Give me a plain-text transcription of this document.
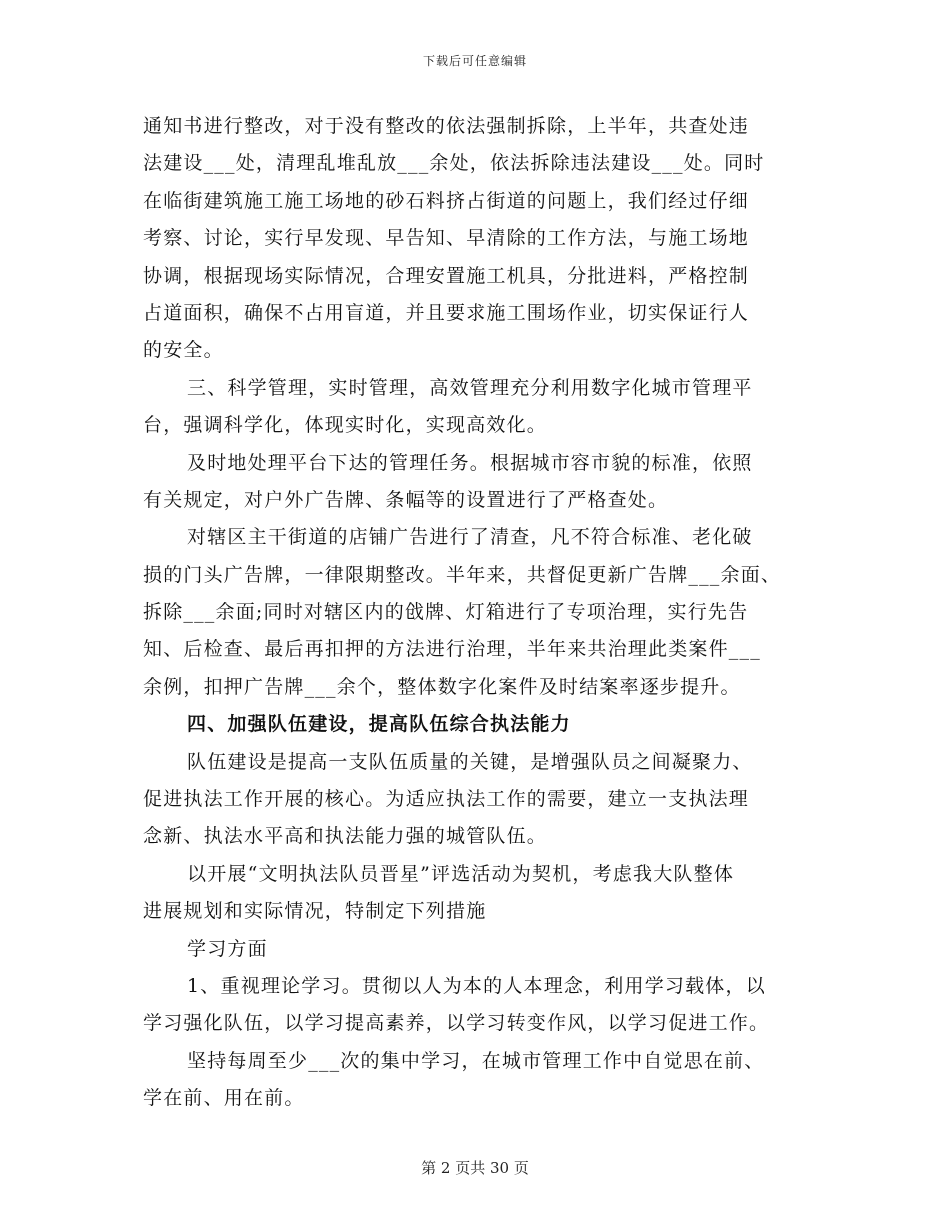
下载后可任意编辑
通知书进行整改，对于没有整改的依法强制拆除，上半年，共查处违
法建设___处，清理乱堆乱放___余处，依法拆除违法建设___处。同时
在临街建筑施工施工场地的砂石料挤占街道的问题上，我们经过仔细
考察、讨论，实行早发现、早告知、早清除的工作方法，与施工场地
协调，根据现场实际情况，合理安置施工机具，分批进料，严格控制
占道面积，确保不占用盲道，并且要求施工围场作业，切实保证行人
的安全。
三、科学管理，实时管理，高效管理充分利用数字化城市管理平
台，强调科学化，体现实时化，实现高效化。
及时地处理平台下达的管理任务。根据城市容市貌的标准，依照
有关规定，对户外广告牌、条幅等的设置进行了严格查处。
对辖区主干街道的店铺广告进行了清查，凡不符合标准、老化破
损的门头广告牌，一律限期整改。半年来，共督促更新广告牌___余面、
拆除___余面;同时对辖区内的戗牌、灯箱进行了专项治理，实行先告
知、后检查、最后再扣押的方法进行治理，半年来共治理此类案件___
余例，扣押广告牌___余个，整体数字化案件及时结案率逐步提升。
四、加强队伍建设，提高队伍综合执法能力
队伍建设是提高一支队伍质量的关键，是增强队员之间凝聚力、
促进执法工作开展的核心。为适应执法工作的需要，建立一支执法理
念新、执法水平高和执法能力强的城管队伍。
以开展“文明执法队员晋星”评选活动为契机，考虑我大队整体
进展规划和实际情况，特制定下列措施
学习方面
1、重视理论学习。贯彻以人为本的人本理念，利用学习载体，以
学习强化队伍，以学习提高素养，以学习转变作风，以学习促进工作。
坚持每周至少___次的集中学习，在城市管理工作中自觉思在前、
学在前、用在前。
第 2 页共 30 页
